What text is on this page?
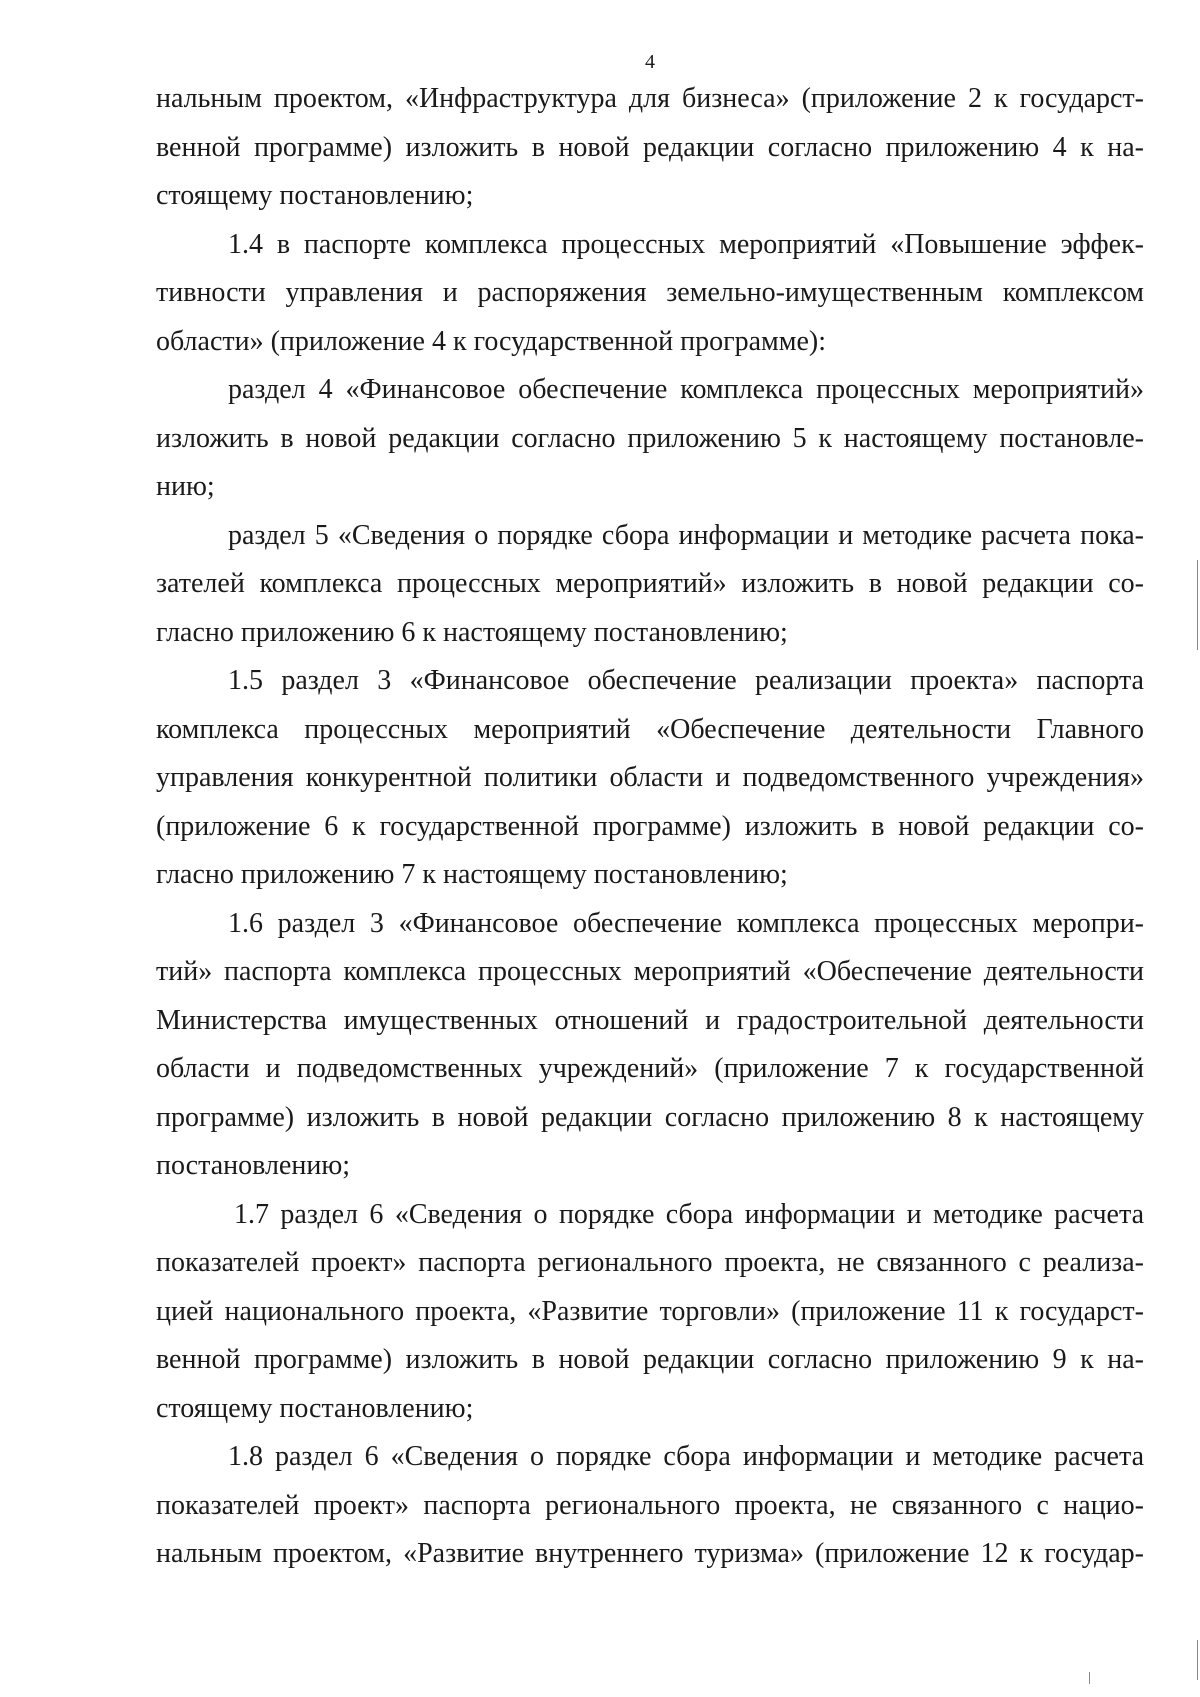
4

нальным проектом, «Инфраструктура для бизнеса» (приложение 2 к государст-
венной программе) изложить в новой редакции согласно приложению 4 к на-
стоящему постановлению;

1.4 в паспорте комплекса процессных мероприятий «Повышение эффек-
тивности управления и распоряжения земельно-имущественным комплексом
области» (приложение 4 к государственной программе):

раздел 4 «Финансовое обеспечение комплекса процессных мероприятий»
изложить в новой редакции согласно приложению 5 к настоящему постановле-
нию;

раздел 5 «Сведения о порядке сбора информации и методике расчета пока-
зателей комплекса процессных мероприятий» изложить в новой редакции со-
гласно приложению 6 к настоящему постановлению;

1.5 раздел 3 «Финансовое обеспечение реализации проекта» паспорта
комплекса процессных мероприятий «Обеспечение деятельности Главного
управления конкурентной политики области и подведомственного учреждения»
(приложение 6 к государственной программе) изложить в новой редакции со-
гласно приложению 7 к настоящему постановлению;

1.6 раздел 3 «Финансовое обеспечение комплекса процессных меропри-
тий» паспорта комплекса процессных мероприятий «Обеспечение деятельности
Министерства имущественных отношений и градостроительной деятельности
области и подведомственных учреждений» (приложение 7 к государственной
программе) изложить в новой редакции согласно приложению 8 к настоящему
постановлению;

1.7 раздел 6 «Сведения о порядке сбора информации и методике расчета
показателей проект» паспорта регионального проекта, не связанного с реализа-
цией национального проекта, «Развитие торговли» (приложение 11 к государст-
венной программе) изложить в новой редакции согласно приложению 9 к на-
стоящему постановлению;

1.8 раздел 6 «Сведения о порядке сбора информации и методике расчета
показателей проект» паспорта регионального проекта, не связанного с нацио-
нальным проектом, «Развитие внутреннего туризма» (приложение 12 к государ-
